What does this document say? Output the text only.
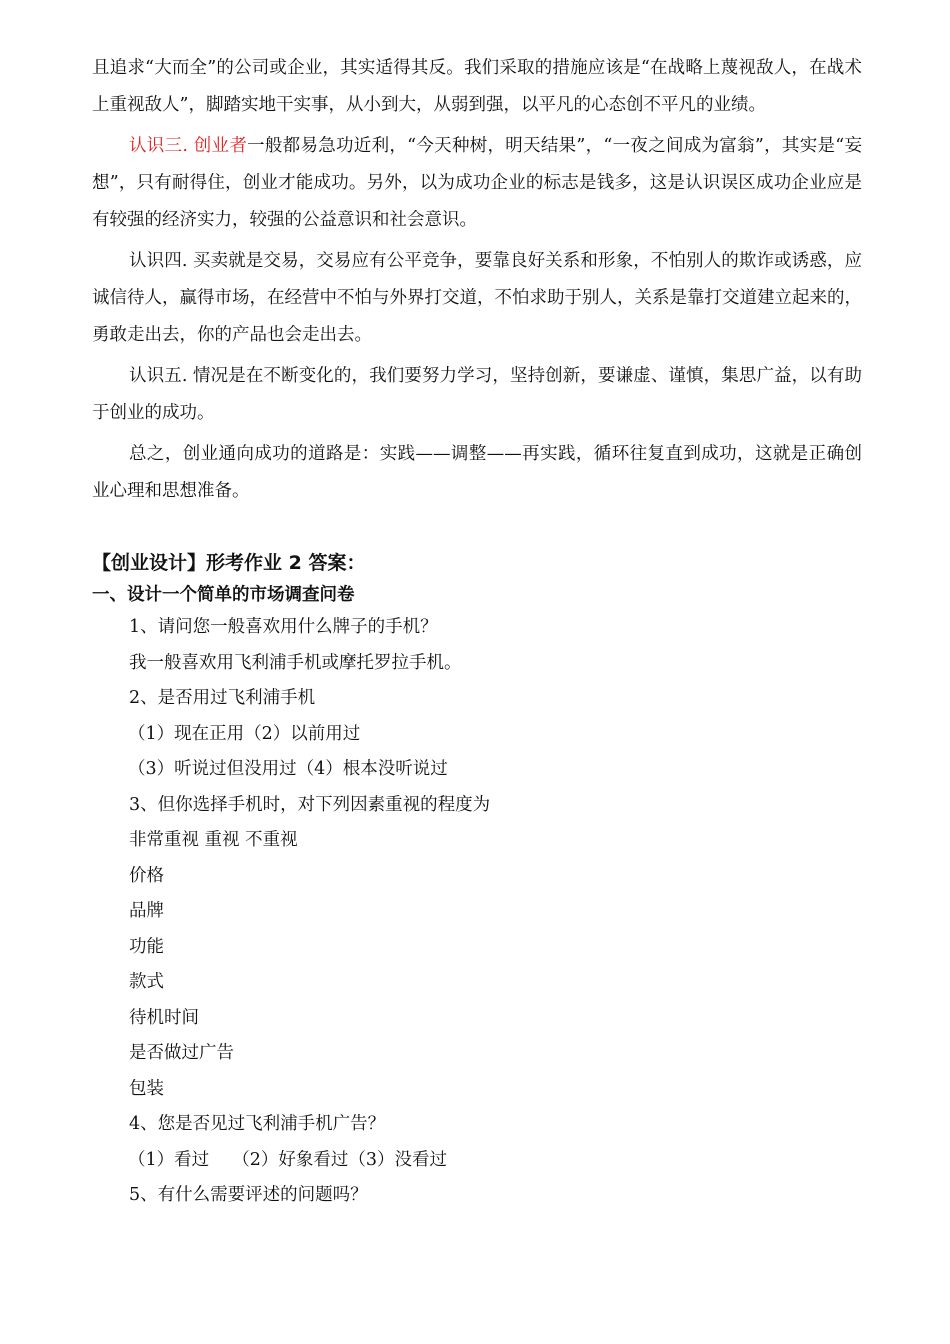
且追求“大而全”的公司或企业，其实适得其反。我们采取的措施应该是“在战略上蔑视敌人，在战术上重视敌人”，脚踏实地干实事，从小到大，从弱到强，以平凡的心态创不平凡的业绩。

认识三. 创业者一般都易急功近利，“今天种树，明天结果”，“一夜之间成为富翁”，其实是“妄想”，只有耐得住，创业才能成功。另外，以为成功企业的标志是钱多，这是认识误区成功企业应是有较强的经济实力，较强的公益意识和社会意识。

认识四. 买卖就是交易，交易应有公平竞争，要靠良好关系和形象，不怕别人的欺诈或诱惑，应诚信待人，赢得市场，在经营中不怕与外界打交道，不怕求助于别人，关系是靠打交道建立起来的，勇敢走出去，你的产品也会走出去。

认识五. 情况是在不断变化的，我们要努力学习，坚持创新，要谦虚、谨慎，集思广益，以有助于创业的成功。

总之，创业通向成功的道路是：实践——调整——再实践，循环往复直到成功，这就是正确创业心理和思想准备。

【创业设计】形考作业 2 答案：

一、设计一个简单的市场调查问卷

1、请问您一般喜欢用什么牌子的手机？

我一般喜欢用飞利浦手机或摩托罗拉手机。

2、是否用过飞利浦手机

（1）现在正用（2）以前用过

（3）听说过但没用过（4）根本没听说过

3、但你选择手机时，对下列因素重视的程度为

非常重视 重视 不重视

价格

品牌

功能

款式

待机时间

是否做过广告

包装

4、您是否见过飞利浦手机广告？

（1）看过　 （2）好象看过（3）没看过

5、有什么需要评述的问题吗？
